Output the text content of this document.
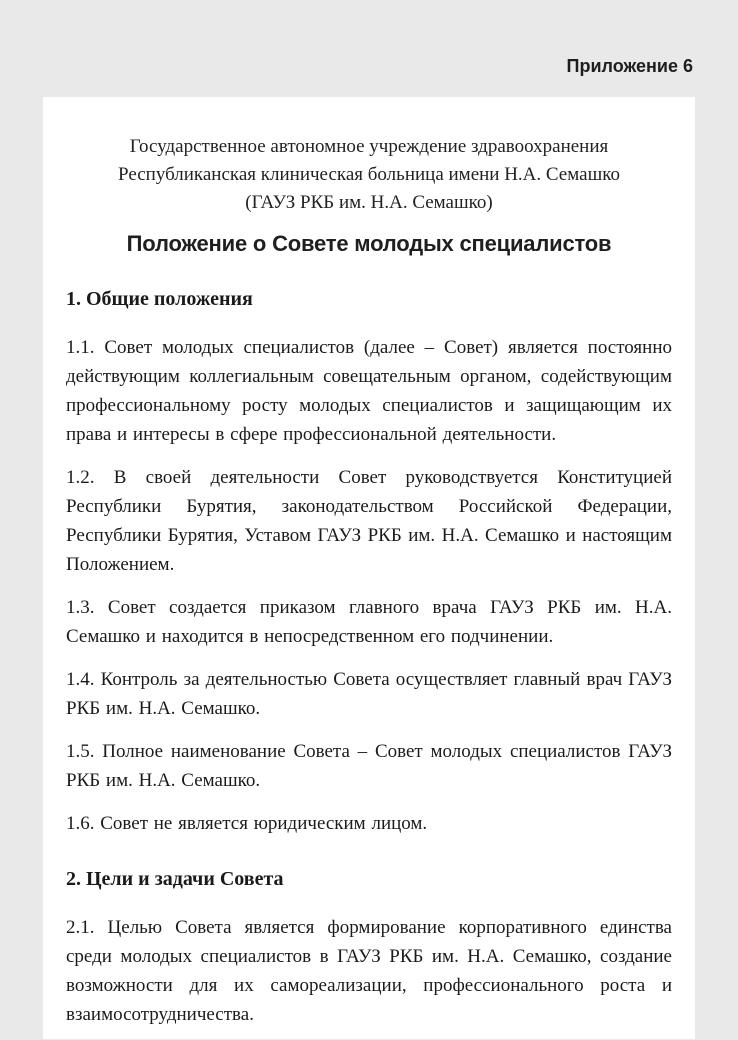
Приложение 6
Государственное автономное учреждение здравоохранения
Республиканская клиническая больница имени Н.А. Семашко
(ГАУЗ РКБ им. Н.А. Семашко)
Положение о Совете молодых специалистов
1. Общие положения

1.1. Совет молодых специалистов (далее – Совет) является постоянно действующим коллегиальным совещательным органом, содействующим профессиональному росту молодых специалистов и защищающим их права и интересы в сфере профессиональной деятельности.

1.2. В своей деятельности Совет руководствуется Конституцией Республики Бурятия, законодательством Российской Федерации, Республики Бурятия, Уставом ГАУЗ РКБ им. Н.А. Семашко и настоящим Положением.

1.3. Совет создается приказом главного врача ГАУЗ РКБ им. Н.А. Семашко и находится в непосредственном его подчинении.

1.4. Контроль за деятельностью Совета осуществляет главный врач ГАУЗ РКБ им. Н.А. Семашко.

1.5. Полное наименование Совета – Совет молодых специалистов ГАУЗ РКБ им. Н.А. Семашко.

1.6. Совет не является юридическим лицом.

2. Цели и задачи Совета

2.1. Целью Совета является формирование корпоративного единства среди молодых специалистов в ГАУЗ РКБ им. Н.А. Семашко, создание возможности для их самореализации, профессионального роста и взаимосотрудничества.
